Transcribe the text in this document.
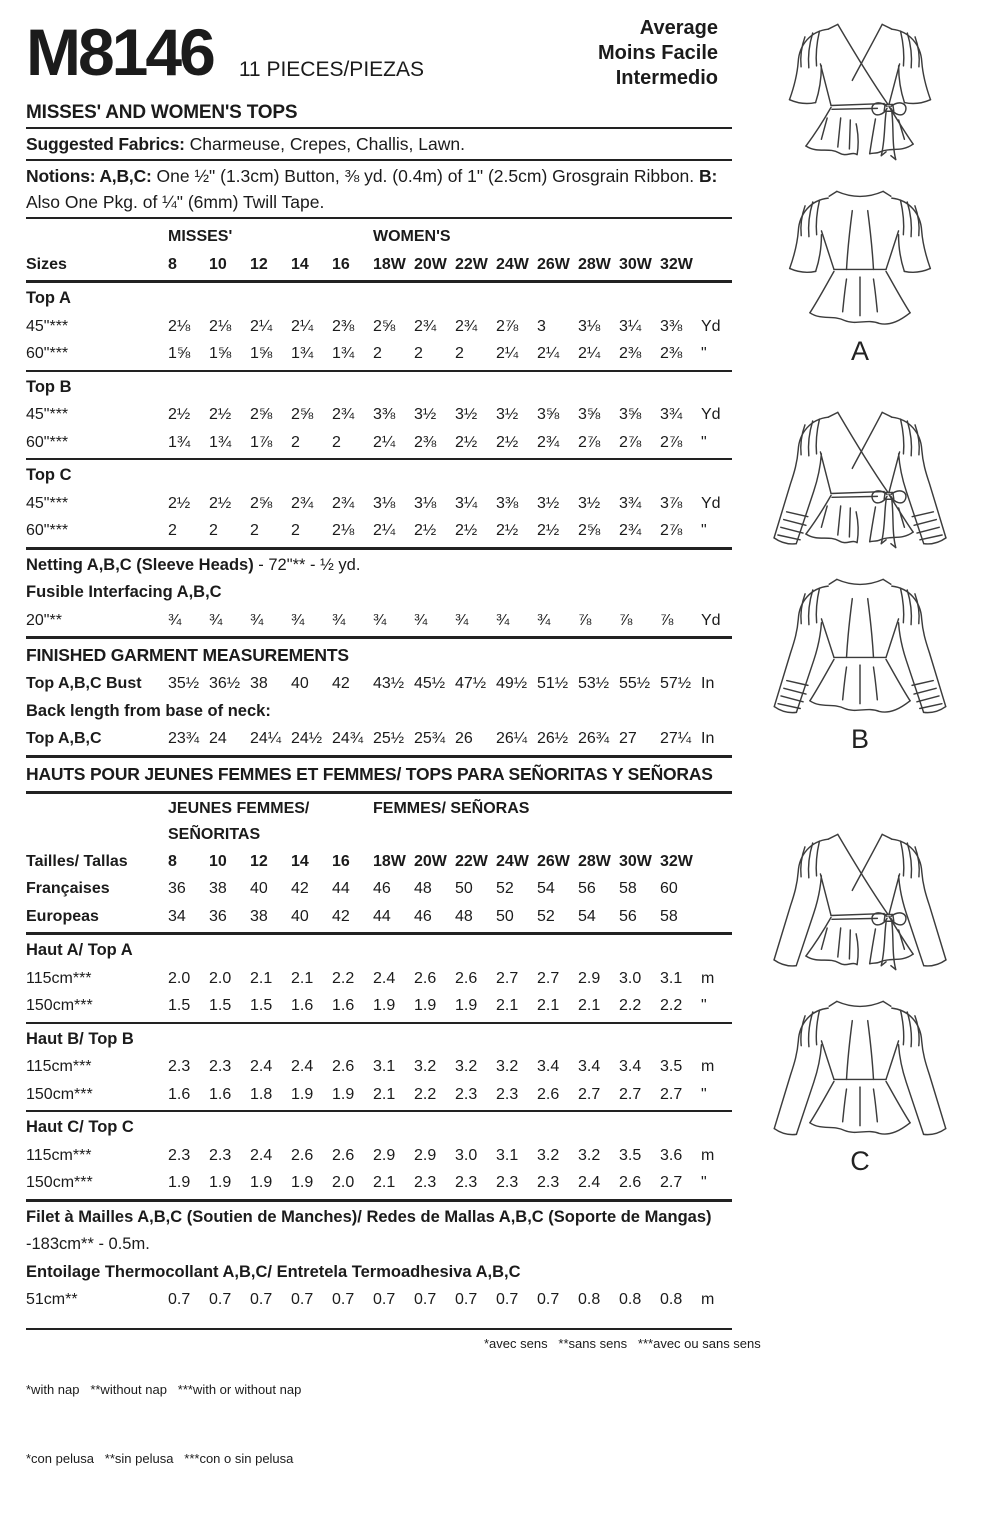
Average
Moins Facile
Intermedio
M8146 11 PIECES/PIEZAS
MISSES' AND WOMEN'S TOPS
Suggested Fabrics: Charmeuse, Crepes, Challis, Lawn.
Notions: A,B,C: One ½" (1.3cm) Button, ⅜ yd. (0.4m) of 1" (2.5cm) Grosgrain Ribbon. B: Also One Pkg. of ¼" (6mm) Twill Tape.
MISSES'	WOMEN'S
Sizes	8	10	12	14	16	18W 20W 22W 24W 26W 28W 30W 32W
Top A
45"***	2⅛	2⅛	2¼	2¼	2⅜	2⅝	2¾	2¾	2⅞	3	3⅛	3¼	3⅜	Yd
60"***	1⅝	1⅝	1⅝	1¾	1¾	2	2	2	2¼	2¼	2¼	2⅜	2⅜	"
Top B
45"***	2½	2½	2⅝	2⅝	2¾	3⅜	3½	3½	3½	3⅝	3⅝	3⅝	3¾	Yd
60"***	1¾	1¾	1⅞	2	2	2¼	2⅜	2½	2½	2¾	2⅞	2⅞	2⅞	"
Top C
45"***	2½	2½	2⅝	2¾	2¾	3⅛	3⅛	3¼	3⅜	3½	3½	3¾	3⅞	Yd
60"***	2	2	2	2	2⅛	2¼	2½	2½	2½	2½	2⅝	2¾	2⅞	"
Netting A,B,C (Sleeve Heads) - 72"** - ½ yd.
Fusible Interfacing A,B,C
20"**	¾	¾	¾	¾	¾	¾	¾	¾	¾	¾	⅞	⅞	⅞	Yd
FINISHED GARMENT MEASUREMENTS
Top A,B,C Bust	35½ 36½ 38	40	42	43½ 45½ 47½ 49½ 51½ 53½ 55½ 57½ In
Back length from base of neck:
Top A,B,C	23¾ 24	24¼ 24½ 24¾ 25½ 25¾ 26	26¼ 26½ 26¾ 27	27¼ In
HAUTS POUR JEUNES FEMMES ET FEMMES/ TOPS PARA SEÑORITAS Y SEÑORAS
JEUNES FEMMES/
SEÑORITAS
FEMMES/ SEÑORAS
Tailles/ Tallas	8	10	12	14	16	18W 20W 22W 24W 26W 28W 30W 32W
Françaises	36	38	40	42	44	46	48	50	52	54	56	58	60
Europeas	34	36	38	40	42	44	46	48	50	52	54	56	58
Haut A/ Top A
115cm***	2.0	2.0	2.1	2.1	2.2	2.4	2.6	2.6	2.7	2.7	2.9	3.0	3.1	m
150cm***	1.5	1.5	1.5	1.6	1.6	1.9	1.9	1.9	2.1	2.1	2.1	2.2	2.2	"
Haut B/ Top B
115cm***	2.3	2.3	2.4	2.4	2.6	3.1	3.2	3.2	3.2	3.4	3.4	3.4	3.5	m
150cm***	1.6	1.6	1.8	1.9	1.9	2.1	2.2	2.3	2.3	2.6	2.7	2.7	2.7	"
Haut C/ Top C
115cm***	2.3	2.3	2.4	2.6	2.6	2.9	2.9	3.0	3.1	3.2	3.2	3.5	3.6	m
150cm***	1.9	1.9	1.9	1.9	2.0	2.1	2.3	2.3	2.3	2.3	2.4	2.6	2.7	"
Filet à Mailles A,B,C (Soutien de Manches)/ Redes de Mallas A,B,C (Soporte de Mangas)
-183cm** - 0.5m.
Entoilage Thermocollant A,B,C/ Entretela Termoadhesiva A,B,C
51cm**	0.7	0.7	0.7	0.7	0.7	0.7	0.7	0.7	0.7	0.7	0.8	0.8	0.8	m

*with nap   **without nap   ***with or without nap

*con pelusa   **sin pelusa   ***con o sin pelusa

*avec sens   **sans sens   ***avec ou sans sens
A
B
C
